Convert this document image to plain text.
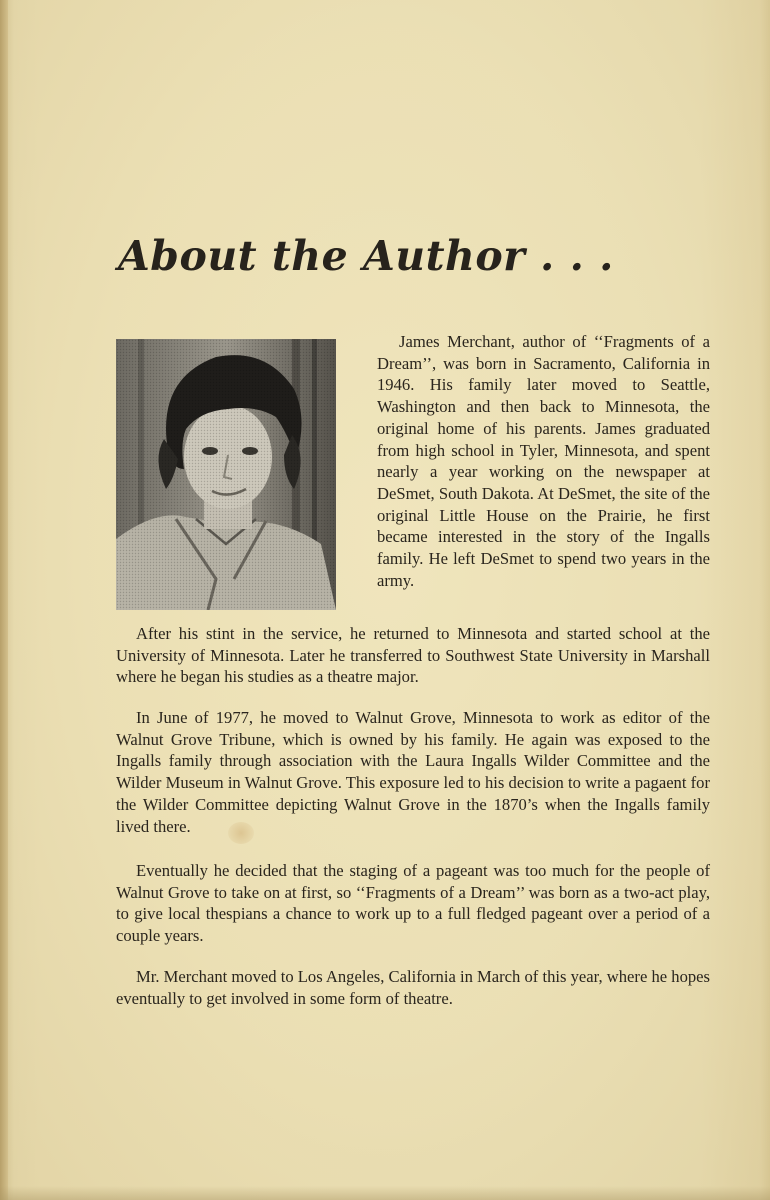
About the Author . . .

James Merchant, author of ‘‘Fragments of a Dream’’, was born in Sacramento, California in 1946. His family later moved to Seattle, Washington and then back to Minnesota, the original home of his parents. James graduated from high school in Tyler, Minnesota, and spent nearly a year working on the newspaper at DeSmet, South Dakota. At DeSmet, the site of the original Little House on the Prairie, he first became interested in the story of the Ingalls family. He left DeSmet to spend two years in the army.

After his stint in the service, he returned to Minnesota and started school at the University of Minnesota. Later he transferred to Southwest State University in Marshall where he began his studies as a theatre major.

In June of 1977, he moved to Walnut Grove, Minnesota to work as editor of the Walnut Grove Tribune, which is owned by his family. He again was exposed to the Ingalls family through association with the Laura Ingalls Wilder Committee and the Wilder Museum in Walnut Grove. This exposure led to his decision to write a pagaent for the Wilder Committee depicting Walnut Grove in the 1870’s when the Ingalls family lived there.

Eventually he decided that the staging of a pageant was too much for the people of Walnut Grove to take on at first, so ‘‘Fragments of a Dream’’ was born as a two-act play, to give local thespians a chance to work up to a full fledged pageant over a period of a couple years.

Mr. Merchant moved to Los Angeles, California in March of this year, where he hopes eventually to get involved in some form of theatre.
